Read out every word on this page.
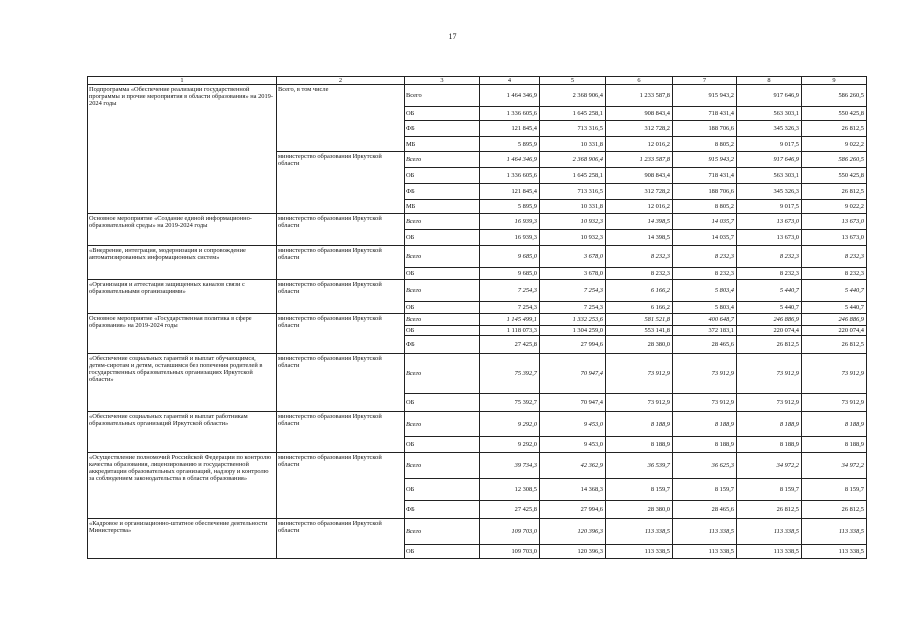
17
1	2	3	4	5	6	7	8	9
Подпрограмма «Обеспечение реализации государственной программы и прочие мероприятия в области образования» на 2019-2024 годы	Всего, в том числе	Всего	1 464 346,9	2 368 906,4	1 233 587,8	915 943,2	917 646,9	586 260,5
		ОБ	1 336 605,6	1 645 258,1	908 843,4	718 431,4	563 303,1	550 425,8
		ФБ	121 845,4	713 316,5	312 728,2	188 706,6	345 326,3	26 812,5
		МБ	5 895,9	10 331,8	12 016,2	8 805,2	9 017,5	9 022,2
	министерство образования Иркутской области	Всего	1 464 346,9	2 368 906,4	1 233 587,8	915 943,2	917 646,9	586 260,5
		ОБ	1 336 605,6	1 645 258,1	908 843,4	718 431,4	563 303,1	550 425,8
		ФБ	121 845,4	713 316,5	312 728,2	188 706,6	345 326,3	26 812,5
		МБ	5 895,9	10 331,8	12 016,2	8 805,2	9 017,5	9 022,2
Основное мероприятие «Создание единой информационно-образовательной среды» на 2019-2024 годы	министерство образования Иркутской области	Всего	16 939,3	10 932,3	14 398,5	14 035,7	13 673,0	13 673,0
		ОБ	16 939,3	10 932,3	14 398,5	14 035,7	13 673,0	13 673,0
«Внедрение, интеграция, модернизация и сопровождение автоматизированных информационных систем»	министерство образования Иркутской области	Всего	9 685,0	3 678,0	8 232,3	8 232,3	8 232,3	8 232,3
		ОБ	9 685,0	3 678,0	8 232,3	8 232,3	8 232,3	8 232,3
«Организация и аттестация защищенных каналов связи с образовательными организациями»	министерство образования Иркутской области	Всего	7 254,3	7 254,3	6 166,2	5 803,4	5 440,7	5 440,7
		ОБ	7 254,3	7 254,3	6 166,2	5 803,4	5 440,7	5 440,7
Основное мероприятие «Государственная политика в сфере образования» на 2019-2024 годы	министерство образования Иркутской области	Всего	1 145 499,1	1 332 253,6	581 521,8	400 648,7	246 886,9	246 886,9
		ОБ	1 118 073,3	1 304 259,0	553 141,8	372 183,1	220 074,4	220 074,4
		ФБ	27 425,8	27 994,6	28 380,0	28 465,6	26 812,5	26 812,5
«Обеспечение социальных гарантий и выплат обучающимся, детям-сиротам и детям, оставшимся без попечения родителей в государственных образовательных организациях Иркутской области»	министерство образования Иркутской области	Всего	75 392,7	70 947,4	73 912,9	73 912,9	73 912,9	73 912,9
		ОБ	75 392,7	70 947,4	73 912,9	73 912,9	73 912,9	73 912,9
«Обеспечение социальных гарантий и выплат работникам образовательных организаций Иркутской области»	министерство образования Иркутской области	Всего	9 292,0	9 453,0	8 188,9	8 188,9	8 188,9	8 188,9
		ОБ	9 292,0	9 453,0	8 188,9	8 188,9	8 188,9	8 188,9
«Осуществление полномочий Российской Федерации по контролю качества образования, лицензированию и государственной аккредитации образовательных организаций, надзору и контролю за соблюдением законодательства в области образования»	министерство образования Иркутской области	Всего	39 734,3	42 362,9	36 539,7	36 625,3	34 972,2	34 972,2
		ОБ	12 308,5	14 368,3	8 159,7	8 159,7	8 159,7	8 159,7
		ФБ	27 425,8	27 994,6	28 380,0	28 465,6	26 812,5	26 812,5
«Кадровое и организационно-штатное обеспечение деятельности Министерства»	министерство образования Иркутской области	Всего	109 703,0	120 396,3	113 338,5	113 338,5	113 338,5	113 338,5
		ОБ	109 703,0	120 396,3	113 338,5	113 338,5	113 338,5	113 338,5
